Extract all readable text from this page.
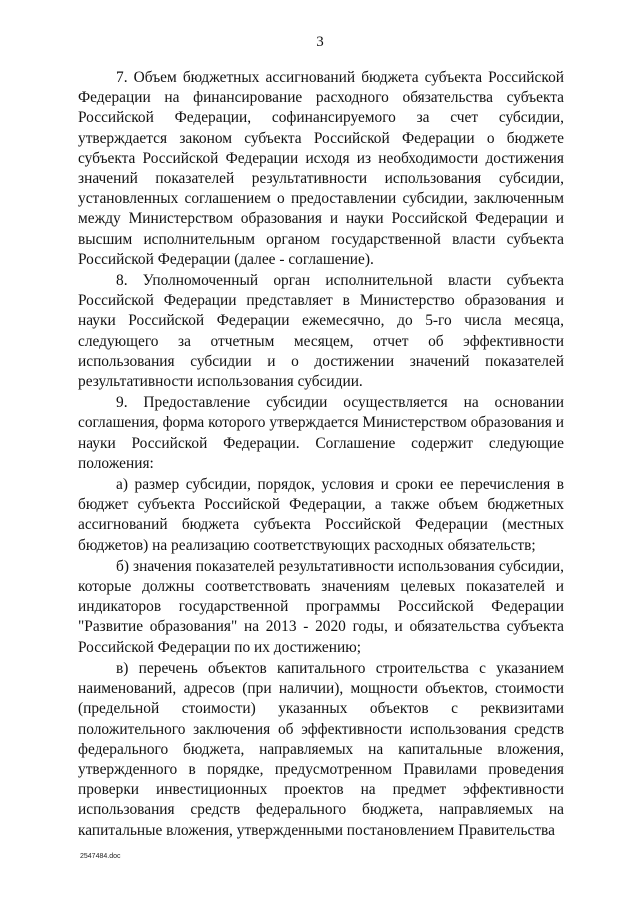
3

7. Объем бюджетных ассигнований бюджета субъекта Российской Федерации на финансирование расходного обязательства субъекта Российской Федерации, софинансируемого за счет субсидии, утверждается законом субъекта Российской Федерации о бюджете субъекта Российской Федерации исходя из необходимости достижения значений показателей результативности использования субсидии, установленных соглашением о предоставлении субсидии, заключенным между Министерством образования и науки Российской Федерации и высшим исполнительным органом государственной власти субъекта Российской Федерации (далее - соглашение).

8. Уполномоченный орган исполнительной власти субъекта Российской Федерации представляет в Министерство образования и науки Российской Федерации ежемесячно, до 5-го числа месяца, следующего за отчетным месяцем, отчет об эффективности использования субсидии и о достижении значений показателей результативности использования субсидии.

9. Предоставление субсидии осуществляется на основании соглашения, форма которого утверждается Министерством образования и науки Российской Федерации. Соглашение содержит следующие положения:

а) размер субсидии, порядок, условия и сроки ее перечисления в бюджет субъекта Российской Федерации, а также объем бюджетных ассигнований бюджета субъекта Российской Федерации (местных бюджетов) на реализацию соответствующих расходных обязательств;

б) значения показателей результативности использования субсидии, которые должны соответствовать значениям целевых показателей и индикаторов государственной программы Российской Федерации "Развитие образования" на 2013 - 2020 годы, и обязательства субъекта Российской Федерации по их достижению;

в) перечень объектов капитального строительства с указанием наименований, адресов (при наличии), мощности объектов, стоимости (предельной стоимости) указанных объектов с реквизитами положительного заключения об эффективности использования средств федерального бюджета, направляемых на капитальные вложения, утвержденного в порядке, предусмотренном Правилами проведения проверки инвестиционных проектов на предмет эффективности использования средств федерального бюджета, направляемых на капитальные вложения, утвержденными постановлением Правительства

2547484.doc
